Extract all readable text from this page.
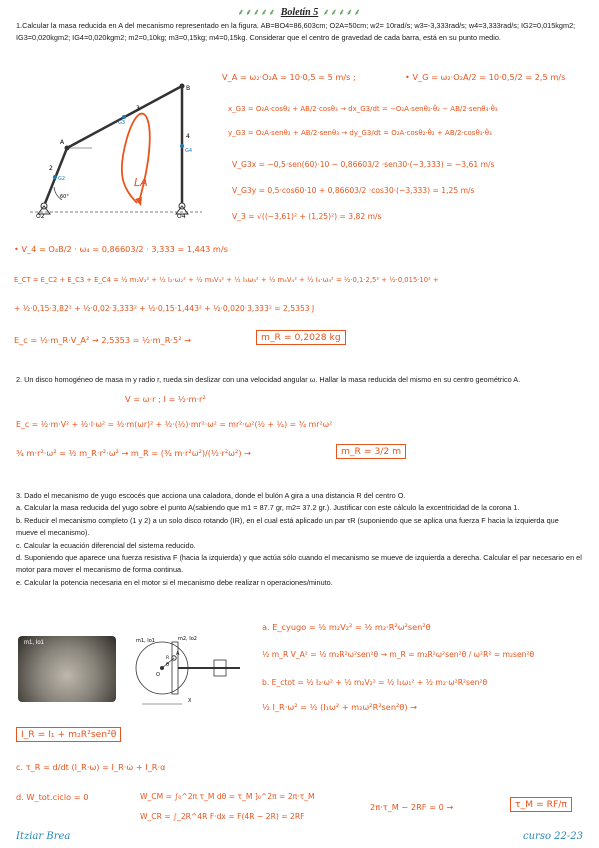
⸙⸙⸙⸙⸙ Boletín 5 ⸙⸙⸙⸙⸙

1.Calcular la masa reducida en A del mecanismo representado en la figura. AB=BO4=86,603cm; O2A=50cm; w2= 10rad/s; w3=-3,333rad/s; w4=3,333rad/s; IG2=0,015kgm2; IG3=0,020kgm2; IG4=0,020kgm2; m2=0,10kg; m3=0,15kg; m4=0,15kg. Considerar que el centro de gravedad de cada barra, está en su punto medio.

A
B
O2	O4
G2
G3
G4
2
3
4
60°
LA
V_A = ω₂·O₂A = 10·0,5 = 5 m/s ;	• V_G = ω₂·O₂A/2 = 10·0,5/2 = 2,5 m/s
x_G3 = O₂A·cosθ₂ + AB/2·cosθ₃ → dx_G3/dt = −O₂A·senθ₂·θ̇₂ − AB/2·senθ₃·θ̇₃
y_G3 = O₂A·senθ₂ + AB/2·senθ₃ → dy_G3/dt = O₂A·cosθ₂·θ̇₂ + AB/2·cosθ₃·θ̇₃
V_G3x = −0,5·sen(60)·10 − 0,86603/2 ·sen30·(−3,333) = −3,61 m/s
V_G3y = 0,5·cos60·10 + 0,86603/2 ·cos30·(−3,333) = 1,25 m/s
V_3 = √((−3,61)² + (1,25)²) = 3,82 m/s
• V_4 = O₄B/2 · ω₄ = 0,86603/2 · 3,333 = 1,443 m/s
E_CT = E_C2 + E_C3 + E_C4 = ½ m₂V₂² + ½ I₂·ω₂² + ½ m₃V₃² + ½ I₃ω₃² + ½ m₄V₄² + ½ I₄·ω₄² = ½·0,1·2,5² + ½·0,015·10² +
+ ½·0,15·3,82² + ½·0,02·3,333² + ½·0,15·1,443² + ½·0,020·3,333² = 2,5353 J
E_c = ½·m_R·V_A² → 2,5353 = ½·m_R·5² →	m_R = 0,2028 kg

2. Un disco homogéneo de masa m y radio r, rueda sin deslizar con una velocidad angular ω. Hallar la masa reducida del mismo en su centro geométrico A.

V = ω·r ; I = ½·m·r²
E_c = ½·m·V² + ½·I·ω² = ½·m(ωr)² + ½·(½)·mr²·ω² = mr²·ω²(½ + ¼) = ¾ mr²ω²
¾ m·r²·ω² = ½ m_R·r²·ω² → m_R = (¾ m·r²ω²)/(½·r²ω²) →	m_R = 3/2 m

3. Dado el mecanismo de yugo escocés que acciona una caladora, donde el bulón A gira a una distancia R del centro O.

a. Calcular la masa reducida del yugo sobre el punto A(sabiendo que m1 = 87.7 gr, m2= 37.2 gr.). Justificar con este cálculo la excentricidad de la corona 1.

b. Reducir el mecanismo completo (1 y 2) a un solo disco rotando (IR), en el cual está aplicado un par τR (suponiendo que se aplica una fuerza F hacia la izquierda que mueve el mecanismo).

c. Calcular la ecuación diferencial del sistema reducido.

d. Suponiendo que aparece una fuerza resistiva F (hacia la izquierda) y que actúa sólo cuando el mecanismo se mueve de izquierda a derecha. Calcular el par necesario en el motor para mover el mecanismo de forma continua.

e. Calcular la potencia necesaria en el motor si el mecanismo debe realizar n operaciones/minuto.

m1, Io1
m2, Io2
m1, Io1
A
O
θ
R
X
a. E_cyugo = ½ m₂V₂² = ½ m₂·R²ω²sen²θ
½ m_R V_A² = ½ m₂R²ω²sen²θ → m_R = m₂R²ω²sen²θ / ω²R² = m₂sen²θ
b. E_ctot = ½ I₂·ω² + ½ m₂V₂² = ½ I₁ω₁² + ½ m₂·ω²R²sen²θ
½ I_R·ω² = ½ (I₁ω² + m₂ω²R²sen²θ) →
I_R = I₁ + m₂R²sen²θ
c. τ_R = d/dt (I_R·ω) = I_R·ω̇ + I_R·α
d. W_tot.ciclo = 0	W_CM = ∫₀^2π τ_M dθ = τ_M ]₀^2π = 2π·τ_M
W_CR = ∫_2R^4R F·dx = F(4R − 2R) = 2RF
2π·τ_M − 2RF = 0 →	τ_M = RF/π
Itziar Brea	curso 22-23
